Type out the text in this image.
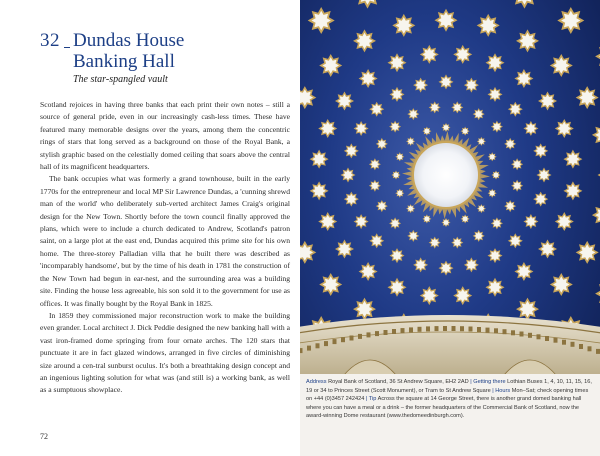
32 Dundas House
Banking Hall
The star-spangled vault

Scotland rejoices in having three banks that each print their own notes – still a source of general pride, even in our increasingly cash-less times. These have featured many memorable designs over the years, among them the concentric rings of stars that long served as a background on those of the Royal Bank, a stylish graphic based on the celestially domed ceiling that soars above the central hall of its magnificent headquarters.

The bank occupies what was formerly a grand townhouse, built in the early 1770s for the entrepreneur and local MP Sir Lawrence Dundas, a 'cunning shrewd man of the world' who deliberately sub-verted architect James Craig's original design for the New Town. Shortly before the town council finally approved the plans, which were to include a church dedicated to Andrew, Scotland's patron saint, on a large plot at the east end, Dundas acquired this prime site for his own home. The three-storey Palladian villa that he built there was described as 'incomparably handsome', but by the time of his death in 1781 the construction of the New Town had begun in ear-nest, and the surrounding area was a building site. Finding the house less agreeable, his son sold it to the government for use as offices. It was finally bought by the Royal Bank in 1825.

In 1859 they commissioned major reconstruction work to make the building even grander. Local architect J. Dick Peddie designed the new banking hall with a vast iron-framed dome springing from four ornate arches. The 120 stars that punctuate it are in fact glazed windows, arranged in five circles of diminishing size around a cen-tral sunburst oculus. It's both a breathtaking design concept and an ingenious lighting solution for what was (and still is) a working bank, as well as a sumptuous showplace.

72
Address Royal Bank of Scotland, 36 St Andrew Square, EH2 2AD | Getting there Lothian Buses 1, 4, 10, 11, 15, 16, 19 or 34 to Princes Street (Scott Monument), or Tram to St Andrew Square | Hours Mon–Sat; check opening times on +44 (0)3457 242424 | Tip Across the square at 14 George Street, there is another grand domed banking hall where you can have a meal or a drink – the former headquarters of the Commercial Bank of Scotland, now the award-winning Dome restaurant (www.thedomeedinburgh.com).
